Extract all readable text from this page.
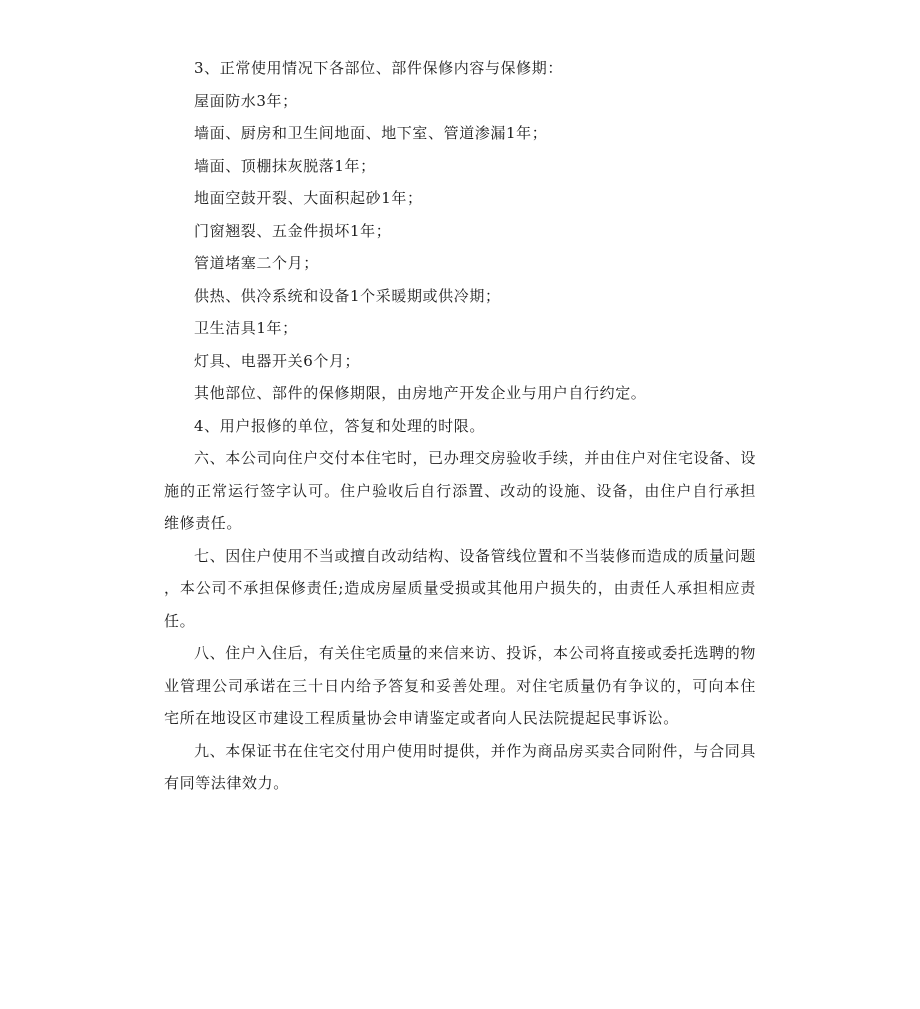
3、正常使用情况下各部位、部件保修内容与保修期：

屋面防水3年；

墙面、厨房和卫生间地面、地下室、管道渗漏1年；

墙面、顶棚抹灰脱落1年；

地面空鼓开裂、大面积起砂1年；

门窗翘裂、五金件损坏1年；

管道堵塞二个月；

供热、供冷系统和设备1个采暖期或供冷期；

卫生洁具1年；

灯具、电器开关6个月；

其他部位、部件的保修期限，由房地产开发企业与用户自行约定。

4、用户报修的单位，答复和处理的时限。

六、本公司向住户交付本住宅时，已办理交房验收手续，并由住户对住宅设备、设施的正常运行签字认可。住户验收后自行添置、改动的设施、设备，由住户自行承担维修责任。

七、因住户使用不当或擅自改动结构、设备管线位置和不当装修而造成的质量问题，本公司不承担保修责任;造成房屋质量受损或其他用户损失的，由责任人承担相应责任。

八、住户入住后，有关住宅质量的来信来访、投诉，本公司将直接或委托选聘的物业管理公司承诺在三十日内给予答复和妥善处理。对住宅质量仍有争议的，可向本住宅所在地设区市建设工程质量协会申请鉴定或者向人民法院提起民事诉讼。

九、本保证书在住宅交付用户使用时提供，并作为商品房买卖合同附件，与合同具有同等法律效力。
